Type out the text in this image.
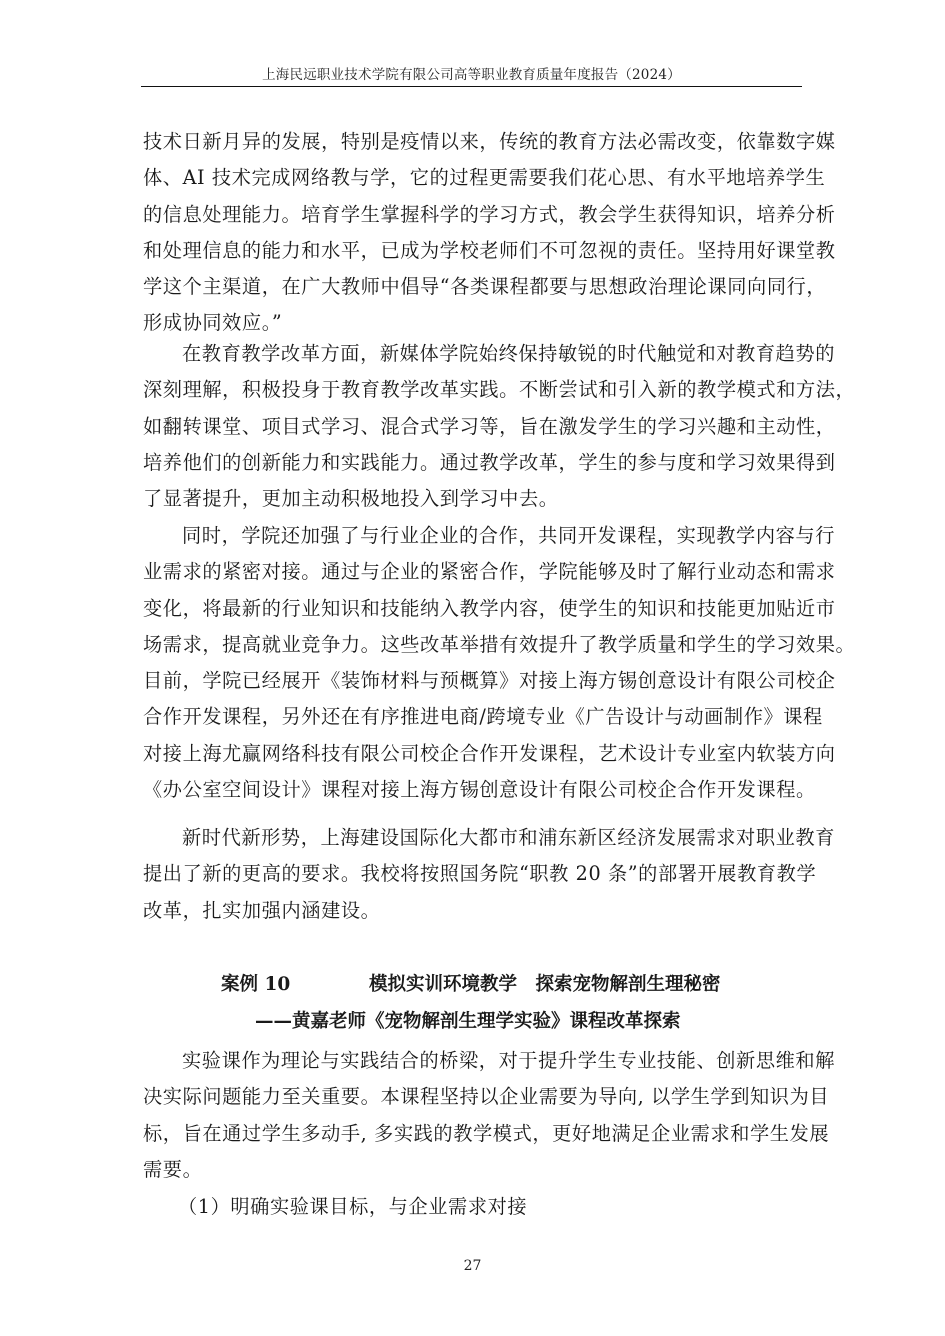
上海民远职业技术学院有限公司高等职业教育质量年度报告（2024）
技术日新月异的发展，特别是疫情以来，传统的教育方法必需改变，依靠数字媒
体、AI 技术完成网络教与学，它的过程更需要我们花心思、有水平地培养学生
的信息处理能力。培育学生掌握科学的学习方式，教会学生获得知识，培养分析
和处理信息的能力和水平，已成为学校老师们不可忽视的责任。坚持用好课堂教
学这个主渠道，在广大教师中倡导“各类课程都要与思想政治理论课同向同行，
形成协同效应。”
在教育教学改革方面，新媒体学院始终保持敏锐的时代触觉和对教育趋势的
深刻理解，积极投身于教育教学改革实践。不断尝试和引入新的教学模式和方法，
如翻转课堂、项目式学习、混合式学习等，旨在激发学生的学习兴趣和主动性，
培养他们的创新能力和实践能力。通过教学改革，学生的参与度和学习效果得到
了显著提升，更加主动积极地投入到学习中去。
同时，学院还加强了与行业企业的合作，共同开发课程，实现教学内容与行
业需求的紧密对接。通过与企业的紧密合作，学院能够及时了解行业动态和需求
变化，将最新的行业知识和技能纳入教学内容，使学生的知识和技能更加贴近市
场需求，提高就业竞争力。这些改革举措有效提升了教学质量和学生的学习效果。
目前，学院已经展开《装饰材料与预概算》对接上海方锡创意设计有限公司校企
合作开发课程，另外还在有序推进电商/跨境专业《广告设计与动画制作》课程
对接上海尤赢网络科技有限公司校企合作开发课程，艺术设计专业室内软装方向
《办公室空间设计》课程对接上海方锡创意设计有限公司校企合作开发课程。
新时代新形势，上海建设国际化大都市和浦东新区经济发展需求对职业教育
提出了新的更高的要求。我校将按照国务院“职教 20 条”的部署开展教育教学
改革，扎实加强内涵建设。
案例 10	模拟实训环境教学　探索宠物解剖生理秘密
——黄嘉老师《宠物解剖生理学实验》课程改革探索
实验课作为理论与实践结合的桥梁，对于提升学生专业技能、创新思维和解
决实际问题能力至关重要。本课程坚持以企业需要为导向, 以学生学到知识为目
标，旨在通过学生多动手, 多实践的教学模式，更好地满足企业需求和学生发展
需要。
（1）明确实验课目标，与企业需求对接
27
